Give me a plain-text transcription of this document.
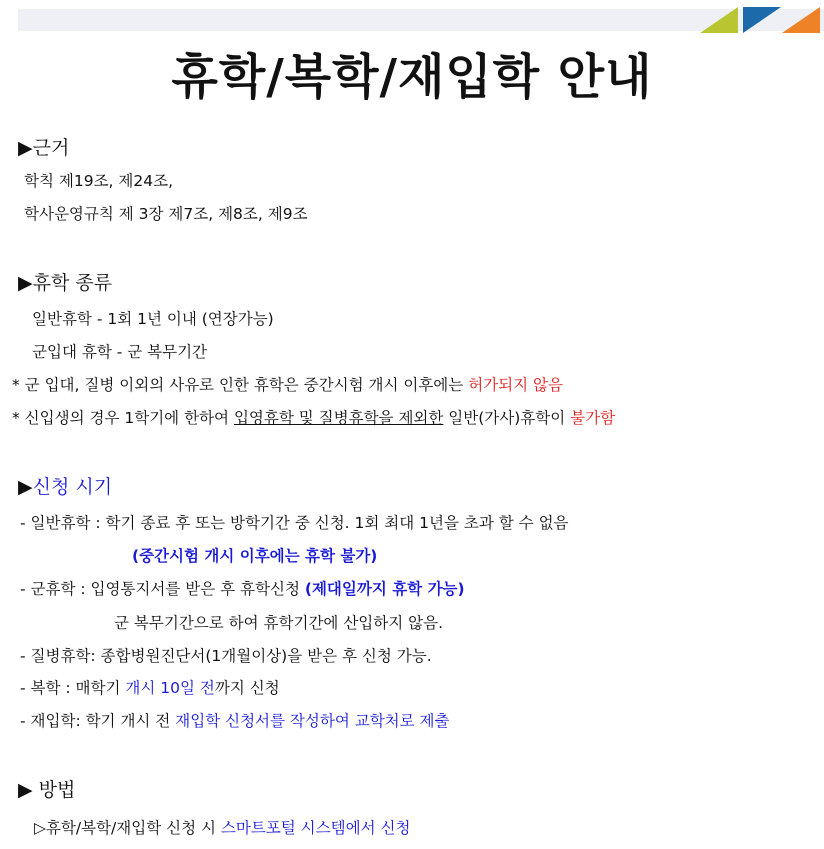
휴학/복학/재입학 안내
▶근거
학칙 제19조, 제24조,
학사운영규칙 제 3장 제7조, 제8조, 제9조
▶휴학 종류
일반휴학 - 1회 1년 이내 (연장가능)
군입대 휴학 - 군 복무기간
* 군 입대, 질병 이외의 사유로 인한 휴학은 중간시험 개시 이후에는 허가되지 않음
* 신입생의 경우 1학기에 한하여 입영휴학 및 질병휴학을 제외한 일반(가사)휴학이 불가함
▶신청 시기
- 일반휴학 : 학기 종료 후 또는 방학기간 중 신청. 1회 최대 1년을 초과 할 수 없음
(중간시험 개시 이후에는 휴학 불가)
- 군휴학 : 입영통지서를 받은 후 휴학신청 (제대일까지 휴학 가능)
군 복무기간으로 하여 휴학기간에 산입하지 않음.
- 질병휴학: 종합병원진단서(1개월이상)을 받은 후 신청 가능.
- 복학 : 매학기 개시 10일 전까지 신청
- 재입학: 학기 개시 전 재입학 신청서를 작성하여 교학처로 제출
▶ 방법
▷휴학/복학/재입학 신청 시 스마트포털 시스템에서 신청
